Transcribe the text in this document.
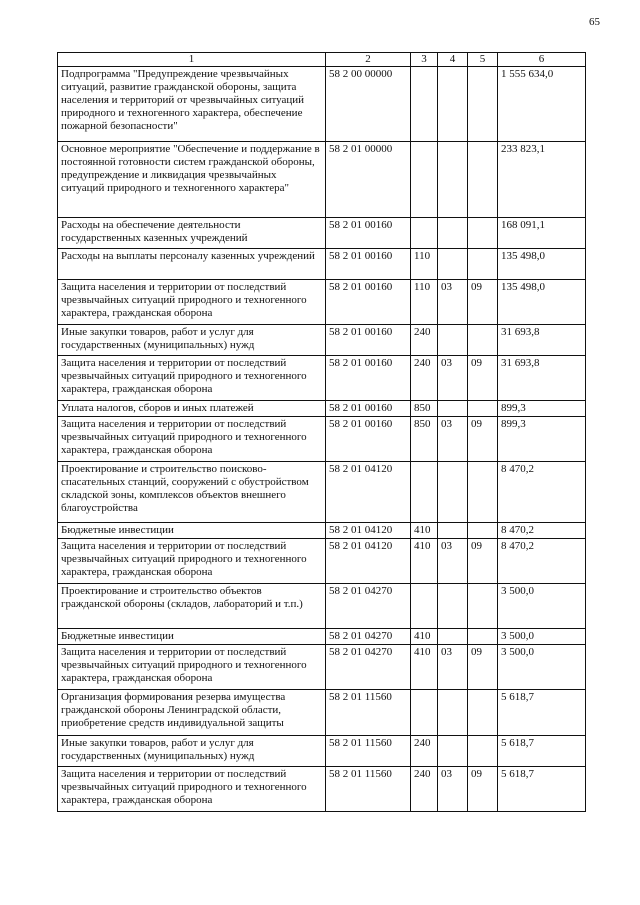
65
1	2	3	4	5	6
Подпрограмма "Предупреждение чрезвычайных ситуаций, развитие гражданской обороны, защита населения и территорий от чрезвычайных ситуаций природного и техногенного характера, обеспечение пожарной безопасности"	58 2 00 00000				1 555 634,0
Основное мероприятие "Обеспечение и поддержание в постоянной готовности систем гражданской обороны, предупреждение и ликвидация чрезвычайных ситуаций природного и техногенного характера"	58 2 01 00000				233 823,1
Расходы на обеспечение деятельности государственных казенных учреждений	58 2 01 00160				168 091,1
Расходы на выплаты персоналу казенных учреждений	58 2 01 00160	110			135 498,0
Защита населения и территории от последствий чрезвычайных ситуаций природного и техногенного характера, гражданская оборона	58 2 01 00160	110	03	09	135 498,0
Иные закупки товаров, работ и услуг для государственных (муниципальных) нужд	58 2 01 00160	240			31 693,8
Защита населения и территории от последствий чрезвычайных ситуаций природного и техногенного характера, гражданская оборона	58 2 01 00160	240	03	09	31 693,8
Уплата налогов, сборов и иных платежей	58 2 01 00160	850			899,3
Защита населения и территории от последствий чрезвычайных ситуаций природного и техногенного характера, гражданская оборона	58 2 01 00160	850	03	09	899,3
Проектирование и строительство поисково-спасательных станций, сооружений с обустройством складской зоны, комплексов объектов внешнего благоустройства	58 2 01 04120				8 470,2
Бюджетные инвестиции	58 2 01 04120	410			8 470,2
Защита населения и территории от последствий чрезвычайных ситуаций природного и техногенного характера, гражданская оборона	58 2 01 04120	410	03	09	8 470,2
Проектирование и строительство объектов гражданской обороны (складов, лабораторий и т.п.)	58 2 01 04270				3 500,0
Бюджетные инвестиции	58 2 01 04270	410			3 500,0
Защита населения и территории от последствий чрезвычайных ситуаций природного и техногенного характера, гражданская оборона	58 2 01 04270	410	03	09	3 500,0
Организация формирования резерва имущества гражданской обороны Ленинградской области, приобретение средств индивидуальной защиты	58 2 01 11560				5 618,7
Иные закупки товаров, работ и услуг для государственных (муниципальных) нужд	58 2 01 11560	240			5 618,7
Защита населения и территории от последствий чрезвычайных ситуаций природного и техногенного характера, гражданская оборона	58 2 01 11560	240	03	09	5 618,7
